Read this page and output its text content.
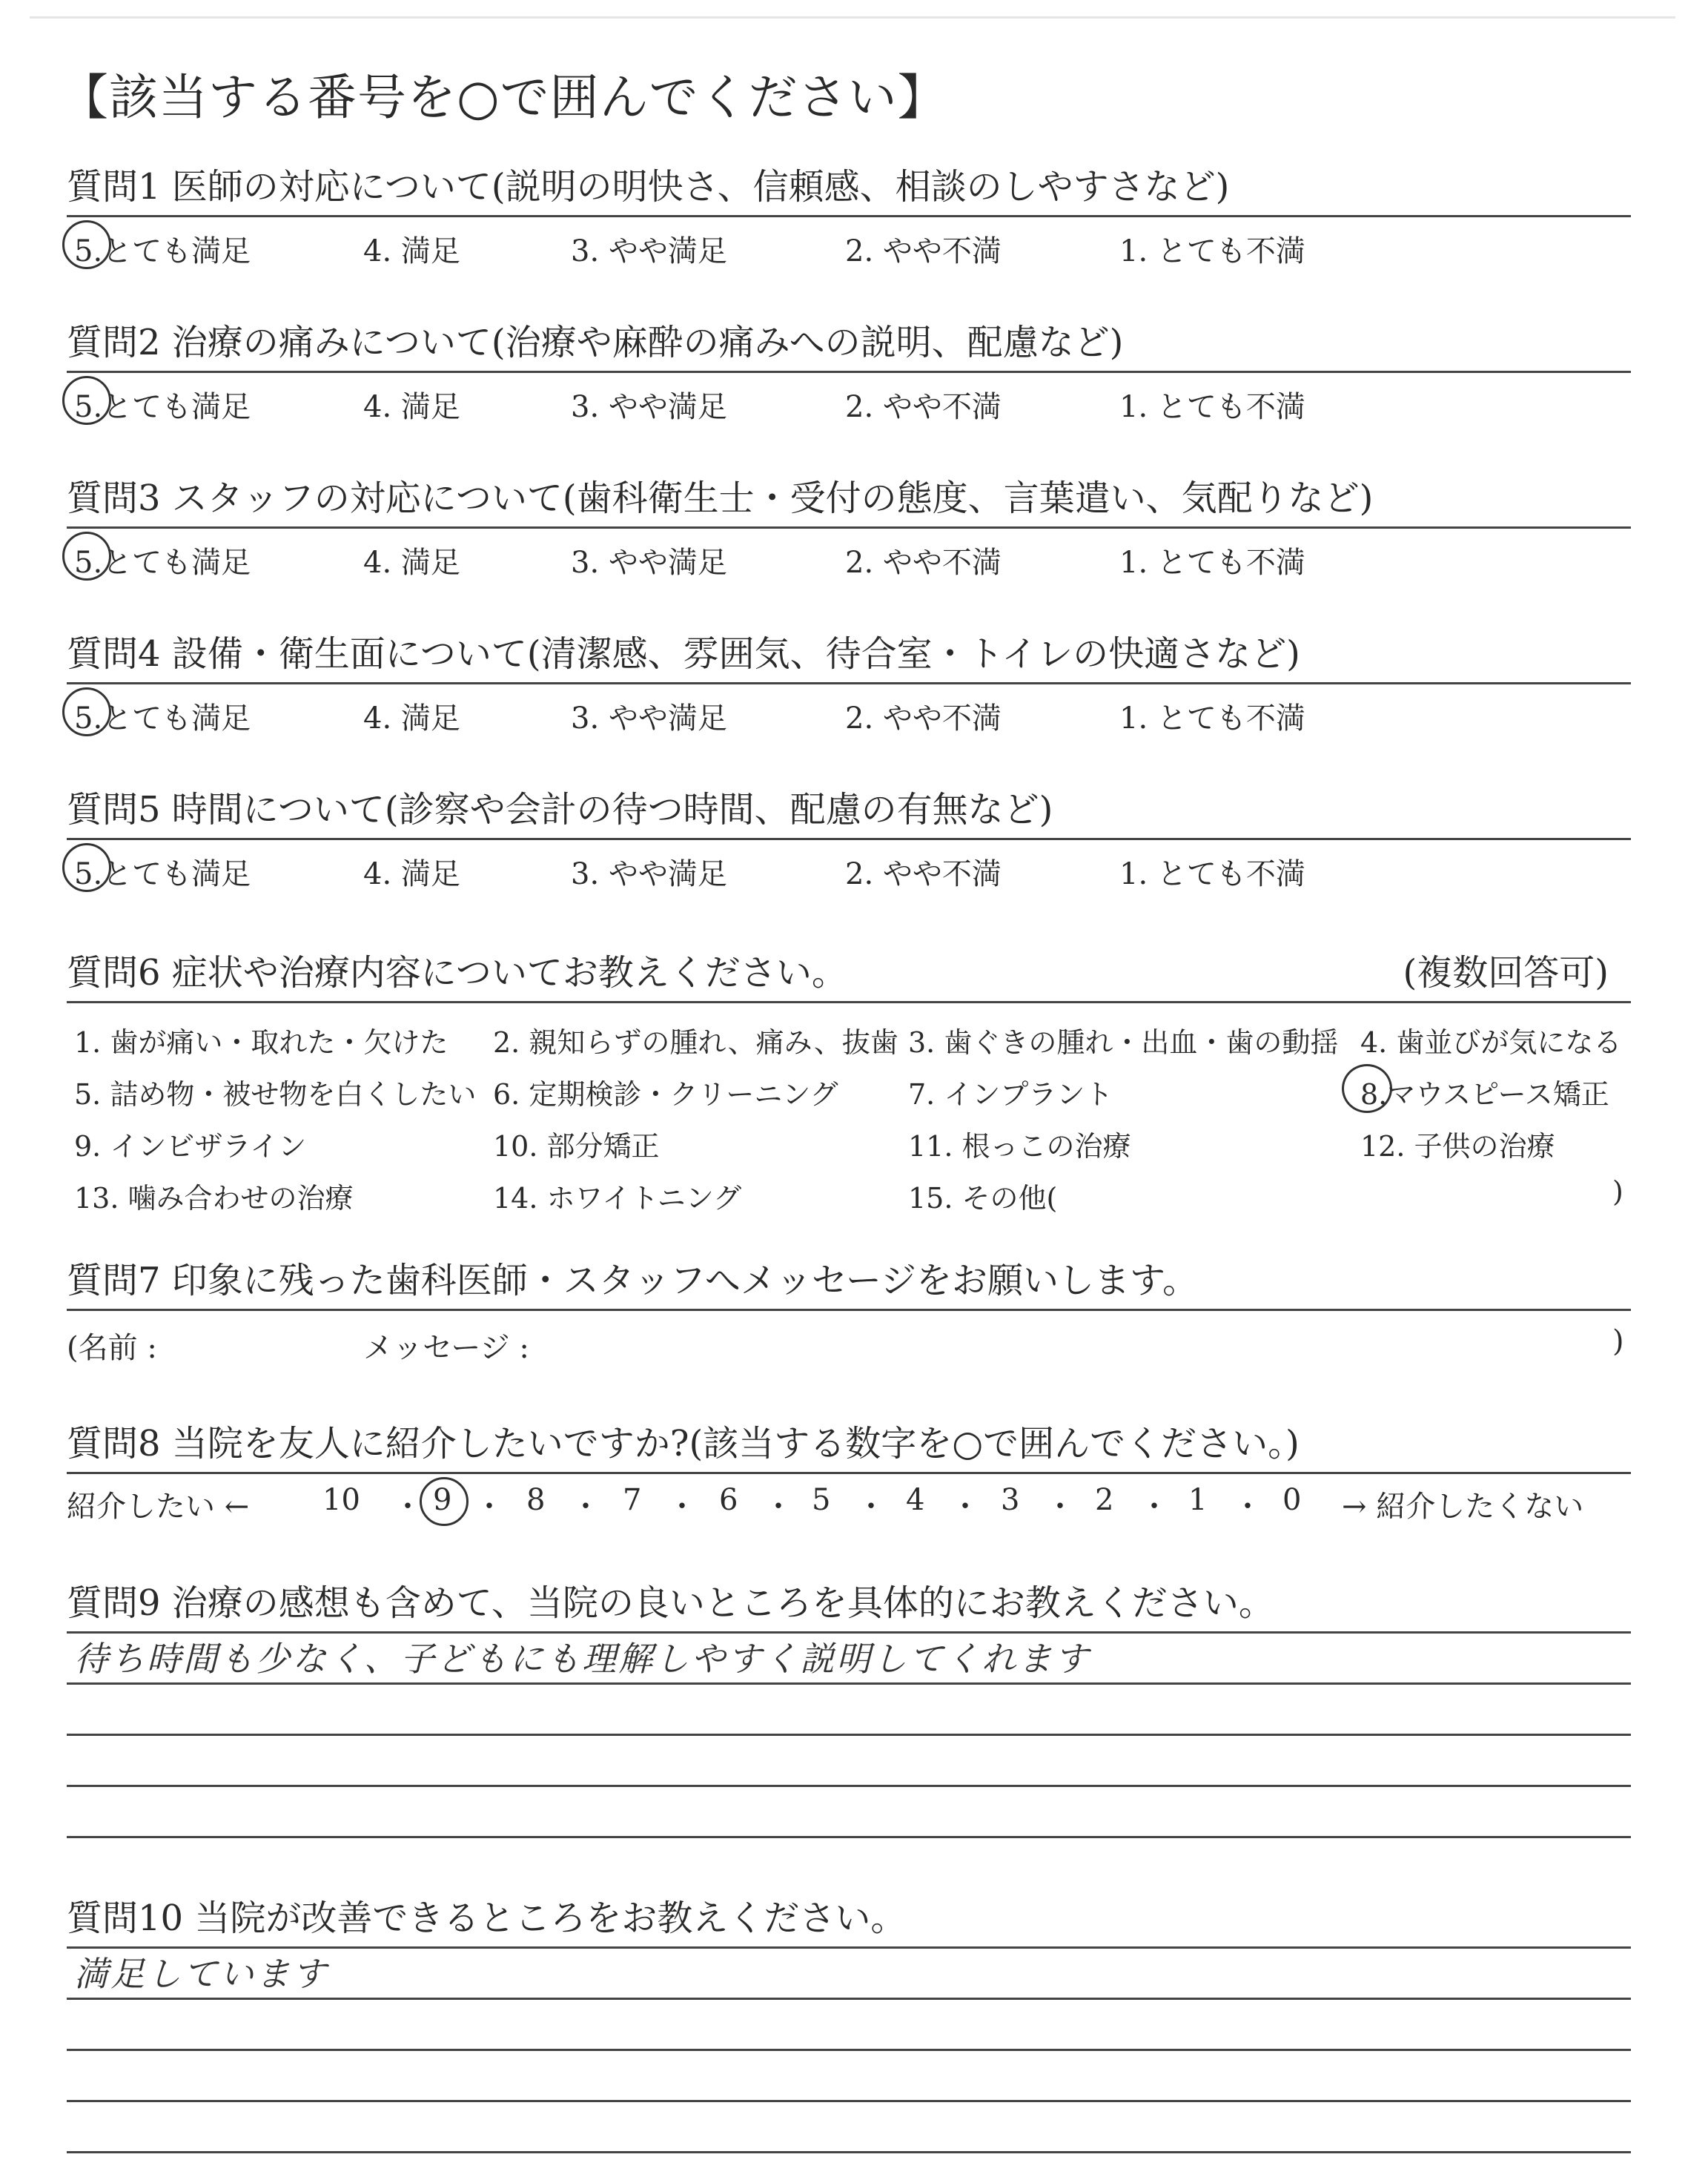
【該当する番号を○で囲んでください】
質問1 医師の対応について(説明の明快さ、信頼感、相談のしやすさなど)
5.とても満足	4. 満足	3. やや満足	2. やや不満	1. とても不満
質問2 治療の痛みについて(治療や麻酔の痛みへの説明、配慮など)
5.とても満足	4. 満足	3. やや満足	2. やや不満	1. とても不満
質問3 スタッフの対応について(歯科衛生士・受付の態度、言葉遣い、気配りなど)
5.とても満足	4. 満足	3. やや満足	2. やや不満	1. とても不満
質問4 設備・衛生面について(清潔感、雰囲気、待合室・トイレの快適さなど)
5.とても満足	4. 満足	3. やや満足	2. やや不満	1. とても不満
質問5 時間について(診察や会計の待つ時間、配慮の有無など)
5.とても満足	4. 満足	3. やや満足	2. やや不満	1. とても不満
質問6 症状や治療内容についてお教えください。	(複数回答可)
1. 歯が痛い・取れた・欠けた 2. 親知らずの腫れ、痛み、抜歯 3. 歯ぐきの腫れ・出血・歯の動揺 4. 歯並びが気になる
5. 詰め物・被せ物を白くしたい 6. 定期検診・クリーニング 7. インプラント	8.マウスピース矯正
9. インビザライン	10. 部分矯正	11. 根っこの治療	12. 子供の治療
13. 噛み合わせの治療	14. ホワイトニング	15. その他(	)
質問7 印象に残った歯科医師・スタッフへメッセージをお願いします。
(名前 :	メッセージ :	)
質問8 当院を友人に紹介したいですか?(該当する数字を○で囲んでください。)
紹介したい ← 10 ・ 9 ・ 8 ・ 7 ・ 6 ・ 5 ・ 4 ・ 3 ・ 2 ・ 1 ・ 0 → 紹介したくない
質問9 治療の感想も含めて、当院の良いところを具体的にお教えください。
待ち時間も少なく、子どもにも理解しやすく説明してくれます
質問10 当院が改善できるところをお教えください。
満足しています
